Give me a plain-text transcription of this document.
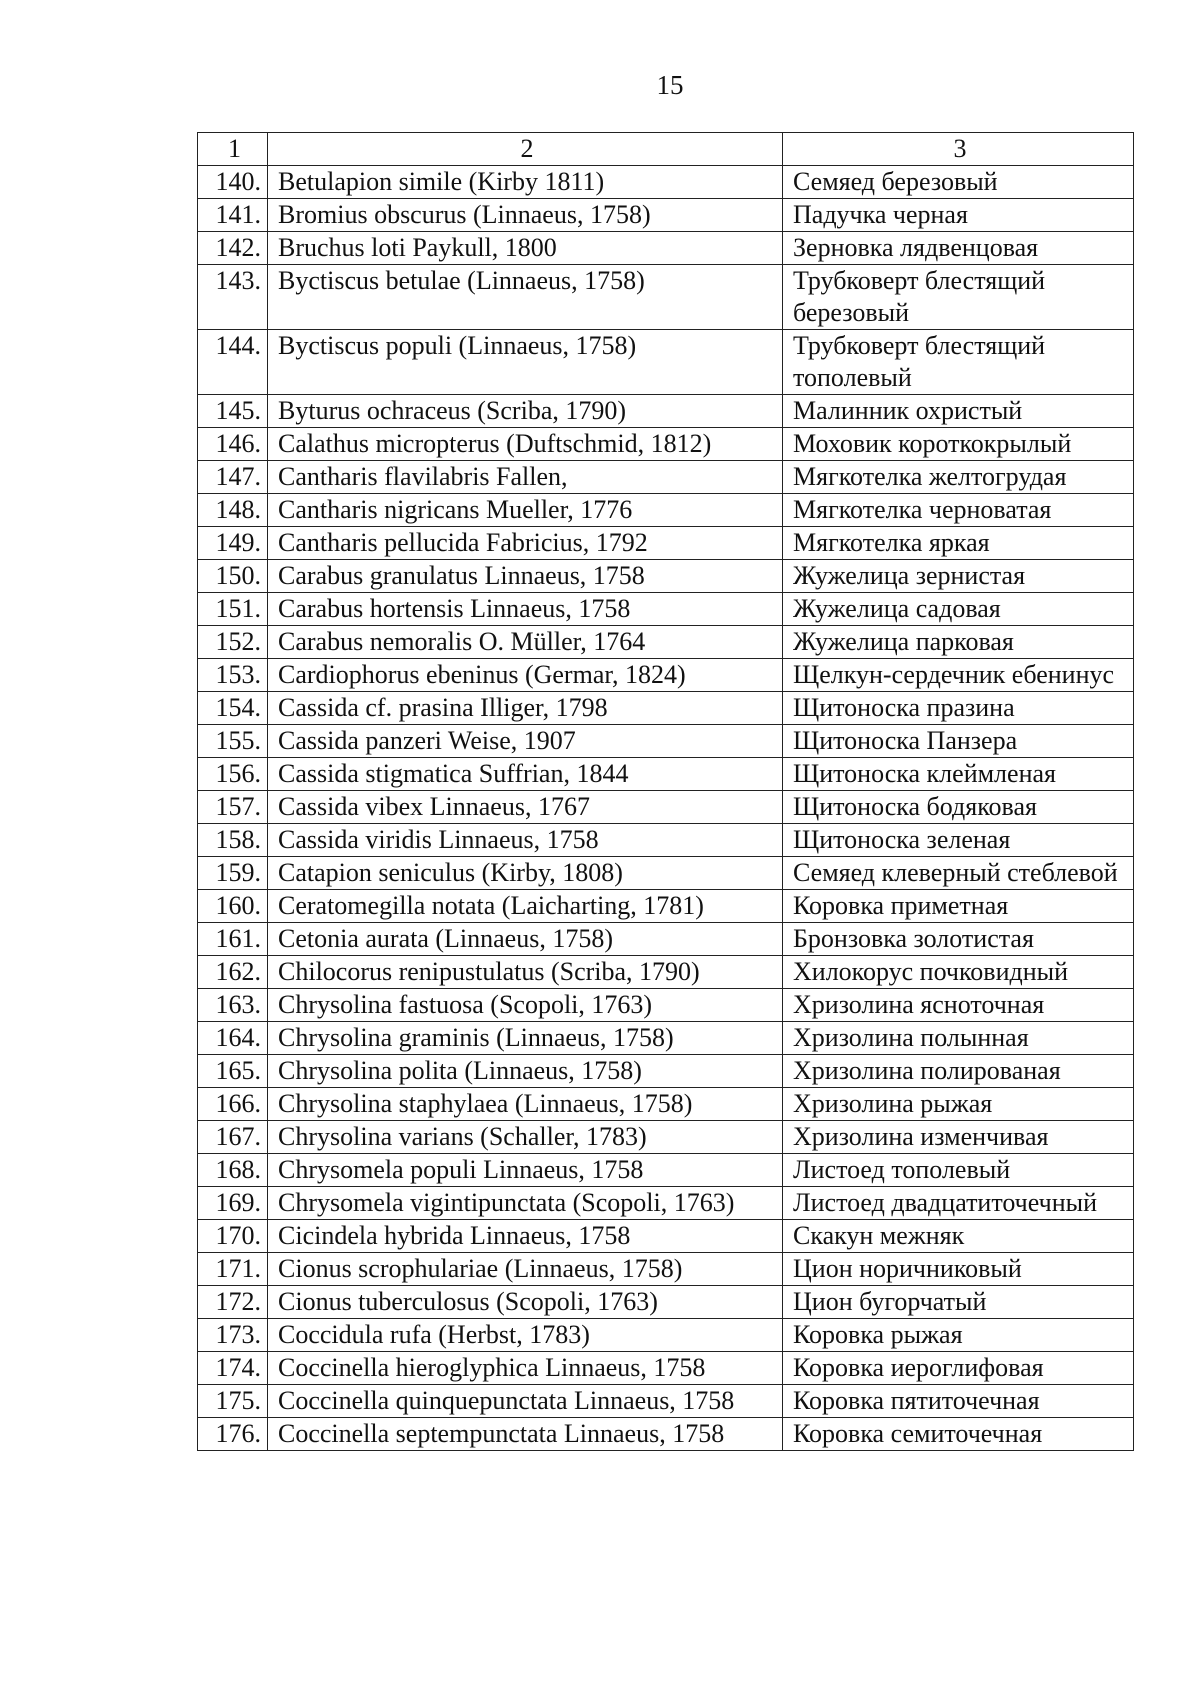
15
1	2	3
140.	Betulapion simile (Kirby 1811)	Семяед березовый
141.	Bromius obscurus (Linnaeus, 1758)	Падучка черная
142.	Bruchus loti Paykull, 1800	Зерновка лядвенцовая
143.	Byctiscus betulae (Linnaeus, 1758)	Трубковерт блестящий березовый
144.	Byctiscus populi (Linnaeus, 1758)	Трубковерт блестящий тополевый
145.	Byturus ochraceus (Scriba, 1790)	Малинник охристый
146.	Calathus micropterus (Duftschmid, 1812)	Моховик короткокрылый
147.	Cantharis flavilabris Fallen,	Мягкотелка желтогрудая
148.	Cantharis nigricans Mueller, 1776	Мягкотелка черноватая
149.	Cantharis pellucida Fabricius, 1792	Мягкотелка яркая
150.	Carabus granulatus Linnaeus, 1758	Жужелица зернистая
151.	Carabus hortensis Linnaeus, 1758	Жужелица садовая
152.	Carabus nemoralis O. Müller, 1764	Жужелица парковая
153.	Cardiophorus ebeninus (Germar, 1824)	Щелкун-сердечник ебенинус
154.	Cassida cf. prasina Illiger, 1798	Щитоноска празина
155.	Cassida panzeri Weise, 1907	Щитоноска Панзера
156.	Cassida stigmatica Suffrian, 1844	Щитоноска клеймленая
157.	Cassida vibex Linnaeus, 1767	Щитоноска бодяковая
158.	Cassida viridis Linnaeus, 1758	Щитоноска зеленая
159.	Catapion seniculus (Kirby, 1808)	Семяед клеверный стеблевой
160.	Ceratomegilla notata (Laicharting, 1781)	Коровка приметная
161.	Cetonia aurata (Linnaeus, 1758)	Бронзовка золотистая
162.	Chilocorus renipustulatus (Scriba, 1790)	Хилокорус почковидный
163.	Chrysolina fastuosa (Scopoli, 1763)	Хризолина ясноточная
164.	Chrysolina graminis (Linnaeus, 1758)	Хризолина полынная
165.	Chrysolina polita (Linnaeus, 1758)	Хризолина полированая
166.	Chrysolina staphylaea (Linnaeus, 1758)	Хризолина рыжая
167.	Chrysolina varians (Schaller, 1783)	Хризолина изменчивая
168.	Chrysomela populi Linnaeus, 1758	Листоед тополевый
169.	Chrysomela vigintipunctata (Scopoli, 1763)	Листоед двадцатиточечный
170.	Cicindela hybrida Linnaeus, 1758	Скакун межняк
171.	Cionus scrophulariae (Linnaeus, 1758)	Цион норичниковый
172.	Cionus tuberculosus (Scopoli, 1763)	Цион бугорчатый
173.	Coccidula rufa (Herbst, 1783)	Коровка рыжая
174.	Coccinella hieroglyphica Linnaeus, 1758	Коровка иероглифовая
175.	Coccinella quinquepunctata Linnaeus, 1758	Коровка пятиточечная
176.	Coccinella septempunctata Linnaeus, 1758	Коровка семиточечная
